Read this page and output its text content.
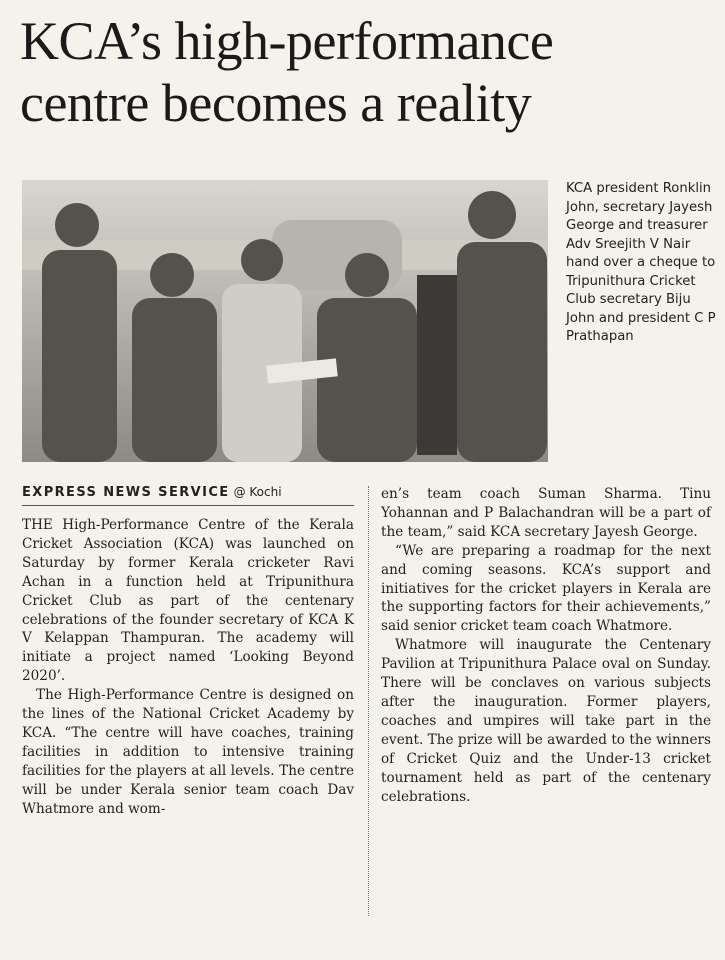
KCA’s high-performance
centre becomes a reality

KCA president Ronklin John, secretary Jayesh George and treasurer Adv Sreejith V Nair hand over a cheque to Tripunithura Cricket Club secretary Biju John and president C P Prathapan

EXPRESS NEWS SERVICE @ Kochi

THE High-Performance Centre of the Kerala Cricket Association (KCA) was launched on Saturday by former Kerala cricketer Ravi Achan in a function held at Tripunithura Cricket Club as part of the centenary celebrations of the founder secretary of KCA K V Kelappan Thampuran. The academy will initiate a project named ‘Looking Beyond 2020’.

The High-Performance Centre is designed on the lines of the National Cricket Academy by KCA. “The centre will have coaches, training facilities in addition to intensive training facilities for the players at all levels. The centre will be under Kerala senior team coach Dav Whatmore and wom-

en’s team coach Suman Sharma. Tinu Yohannan and P Balachandran will be a part of the team,” said KCA secretary Jayesh George.

“We are preparing a roadmap for the next and coming seasons. KCA’s support and initiatives for the cricket players in Kerala are the supporting factors for their achievements,” said senior cricket team coach Whatmore.

Whatmore will inaugurate the Centenary Pavilion at Tripunithura Palace oval on Sunday. There will be conclaves on various subjects after the inauguration. Former players, coaches and umpires will take part in the event. The prize will be awarded to the winners of Cricket Quiz and the Under-13 cricket tournament held as part of the centenary celebrations.
